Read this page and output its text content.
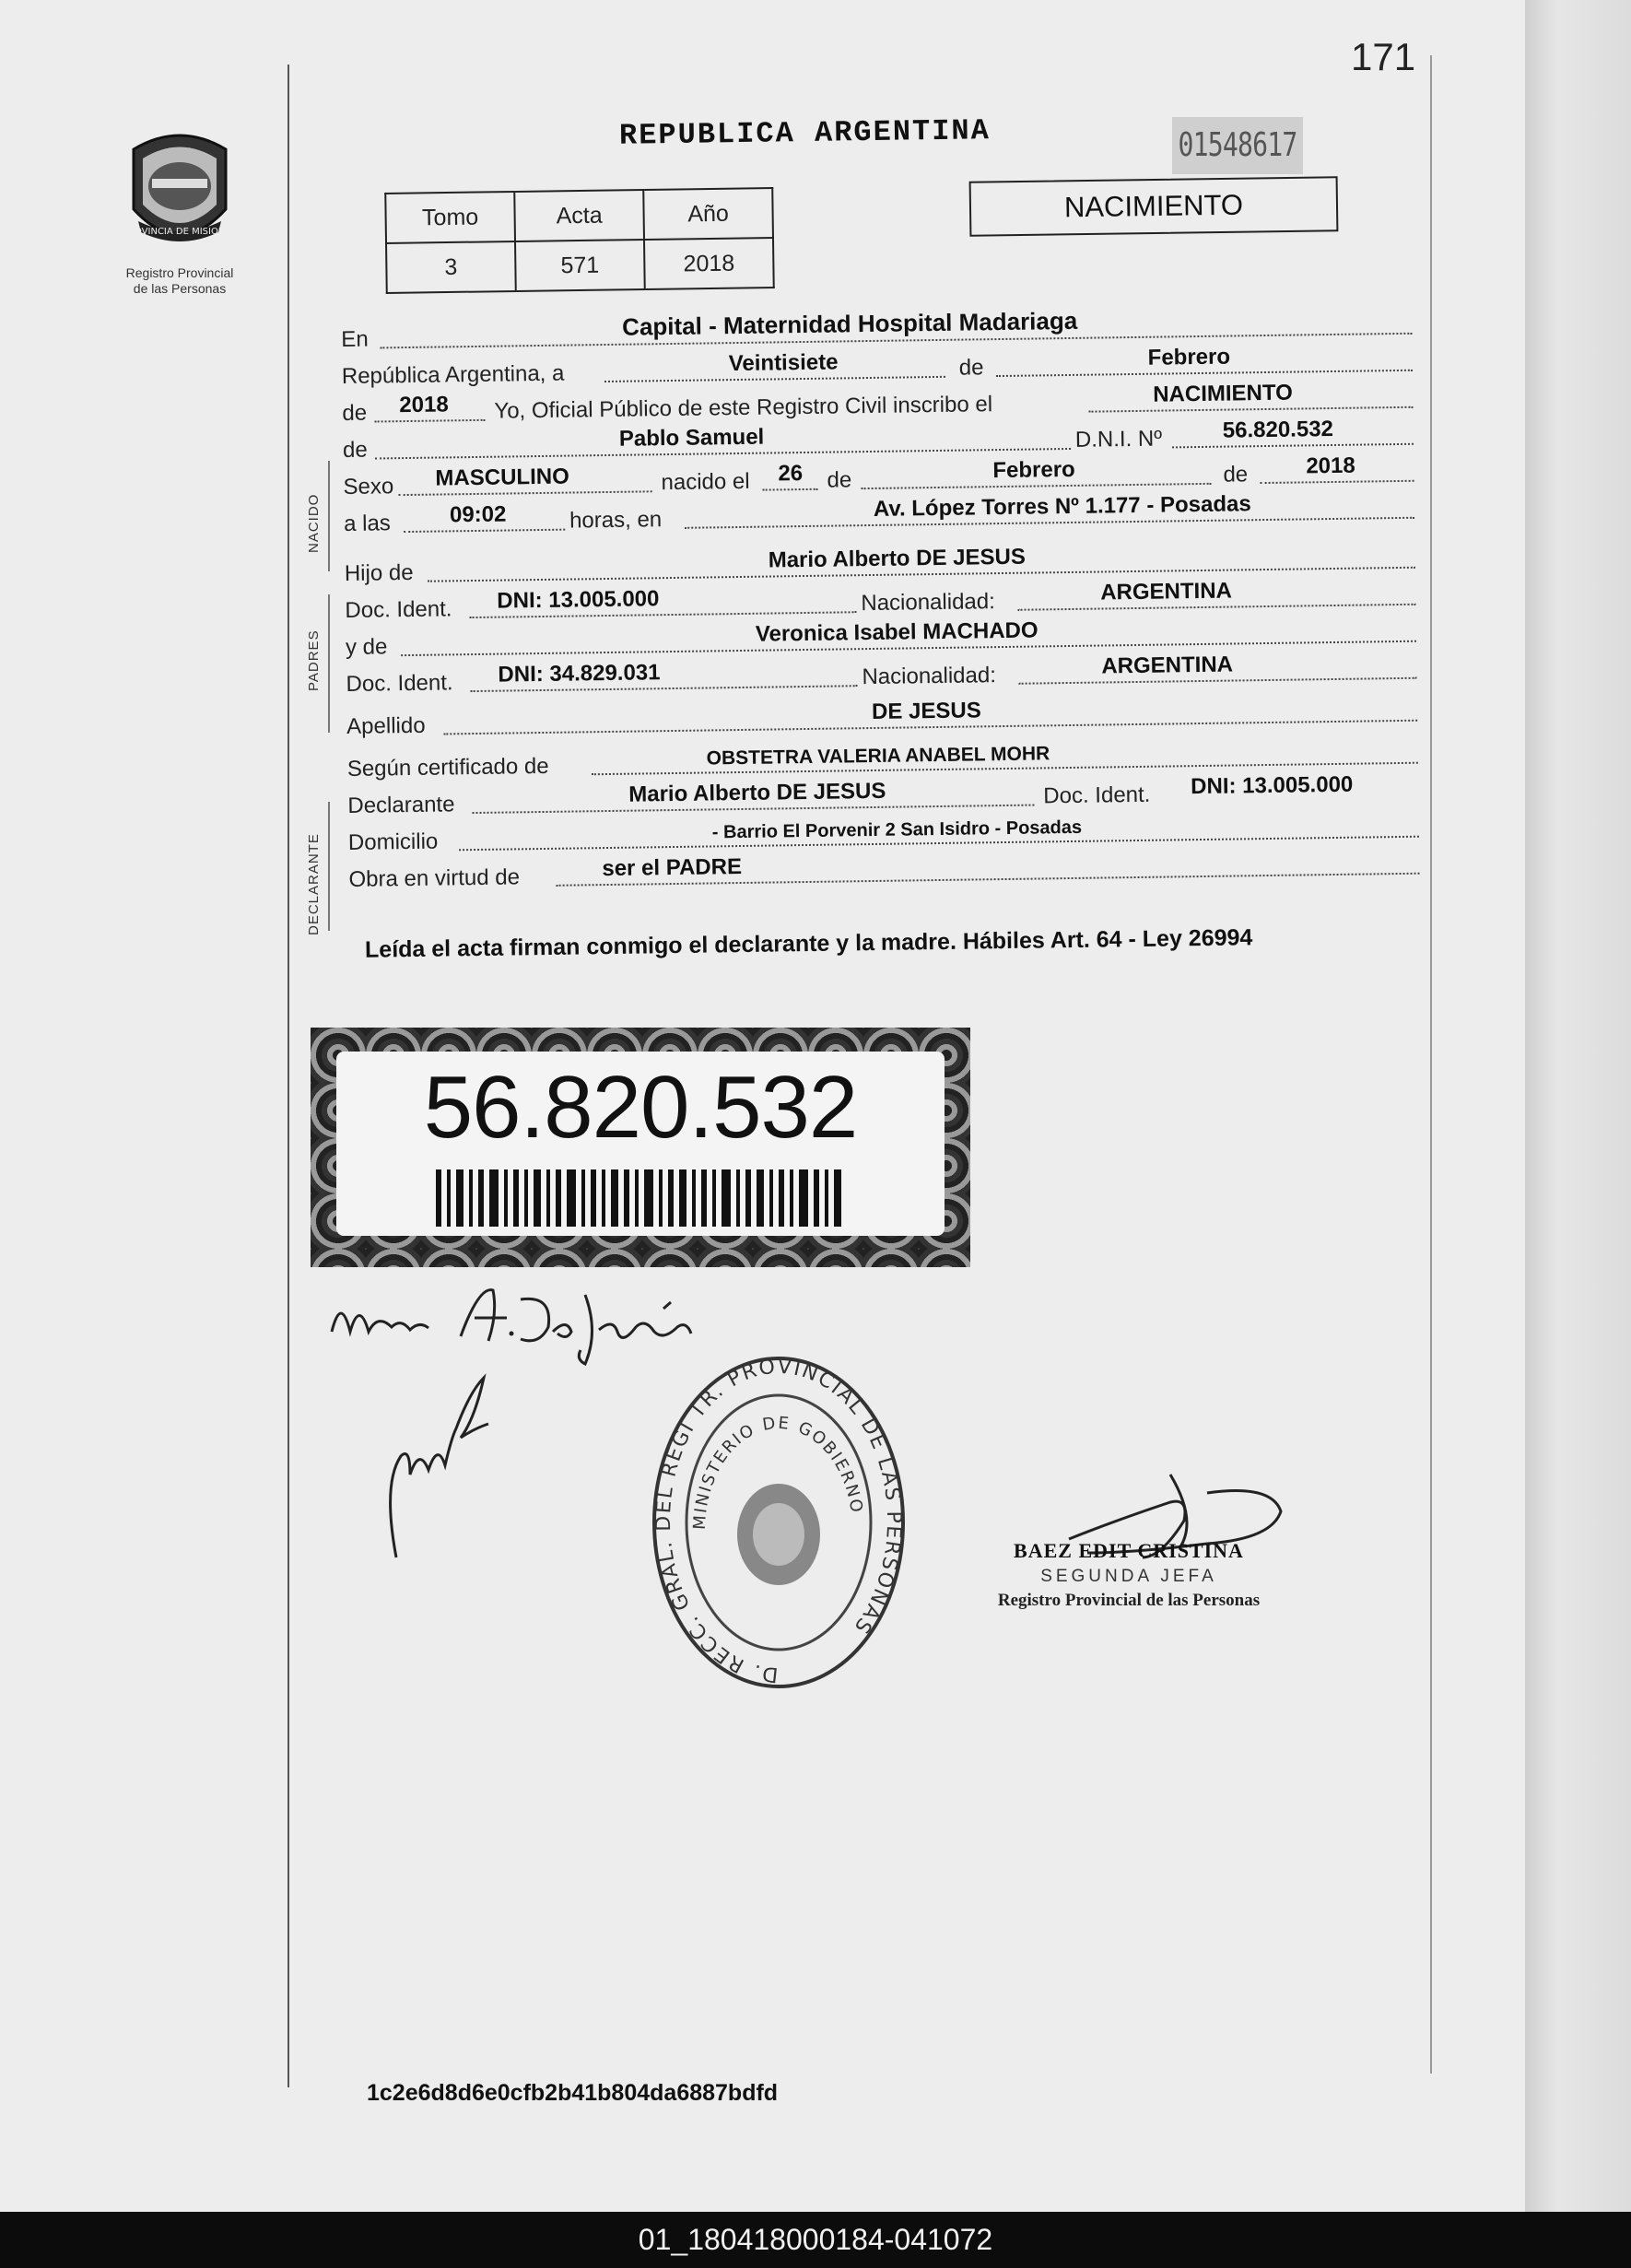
171
PROVINCIA DE MISIONES
Registro Provincial
de las Personas
REPUBLICA ARGENTINA	01548617
Tomo	Acta	Año
3	571	2018
NACIMIENTO
NACIDO
PADRES
DECLARANTE
En	Capital - Maternidad Hospital Madariaga
República Argentina, a	Veintisiete	de	Febrero
de 2018 Yo, Oficial Público de este Registro Civil inscribo el	NACIMIENTO
de	Pablo Samuel	D.N.I. Nº	56.820.532
Sexo MASCULINO	nacido el 26 de	Febrero	de	2018
a las	09:02	horas, en	Av. López Torres Nº 1.177 - Posadas
Hijo de
Mario Alberto DE JESUS
Doc. Ident. DNI: 13.005.000	Nacionalidad:	ARGENTINA
y de
Veronica Isabel MACHADO
Doc. Ident. DNI: 34.829.031	Nacionalidad:	ARGENTINA
Apellido
DE JESUS
Según certificado de	OBSTETRA VALERIA ANABEL MOHR
Declarante	Mario Alberto DE JESUS	Doc. Ident. DNI: 13.005.000
Domicilio	- Barrio El Porvenir 2 San Isidro - Posadas
Obra en virtud de	ser el PADRE
Leída el acta firman conmigo el declarante y la madre. Hábiles Art. 64 - Ley 26994
56.820.532
D. RECC. GRAL. DEL REGI TR. PROVINCIAL DE LAS PERSONAS
MINISTERIO DE GOBIERNO
BAEZ EDIT CRISTINA
SEGUNDA JEFA
Registro Provincial de las Personas
1c2e6d8d6e0cfb2b41b804da6887bdfd
01_180418000184-041072
